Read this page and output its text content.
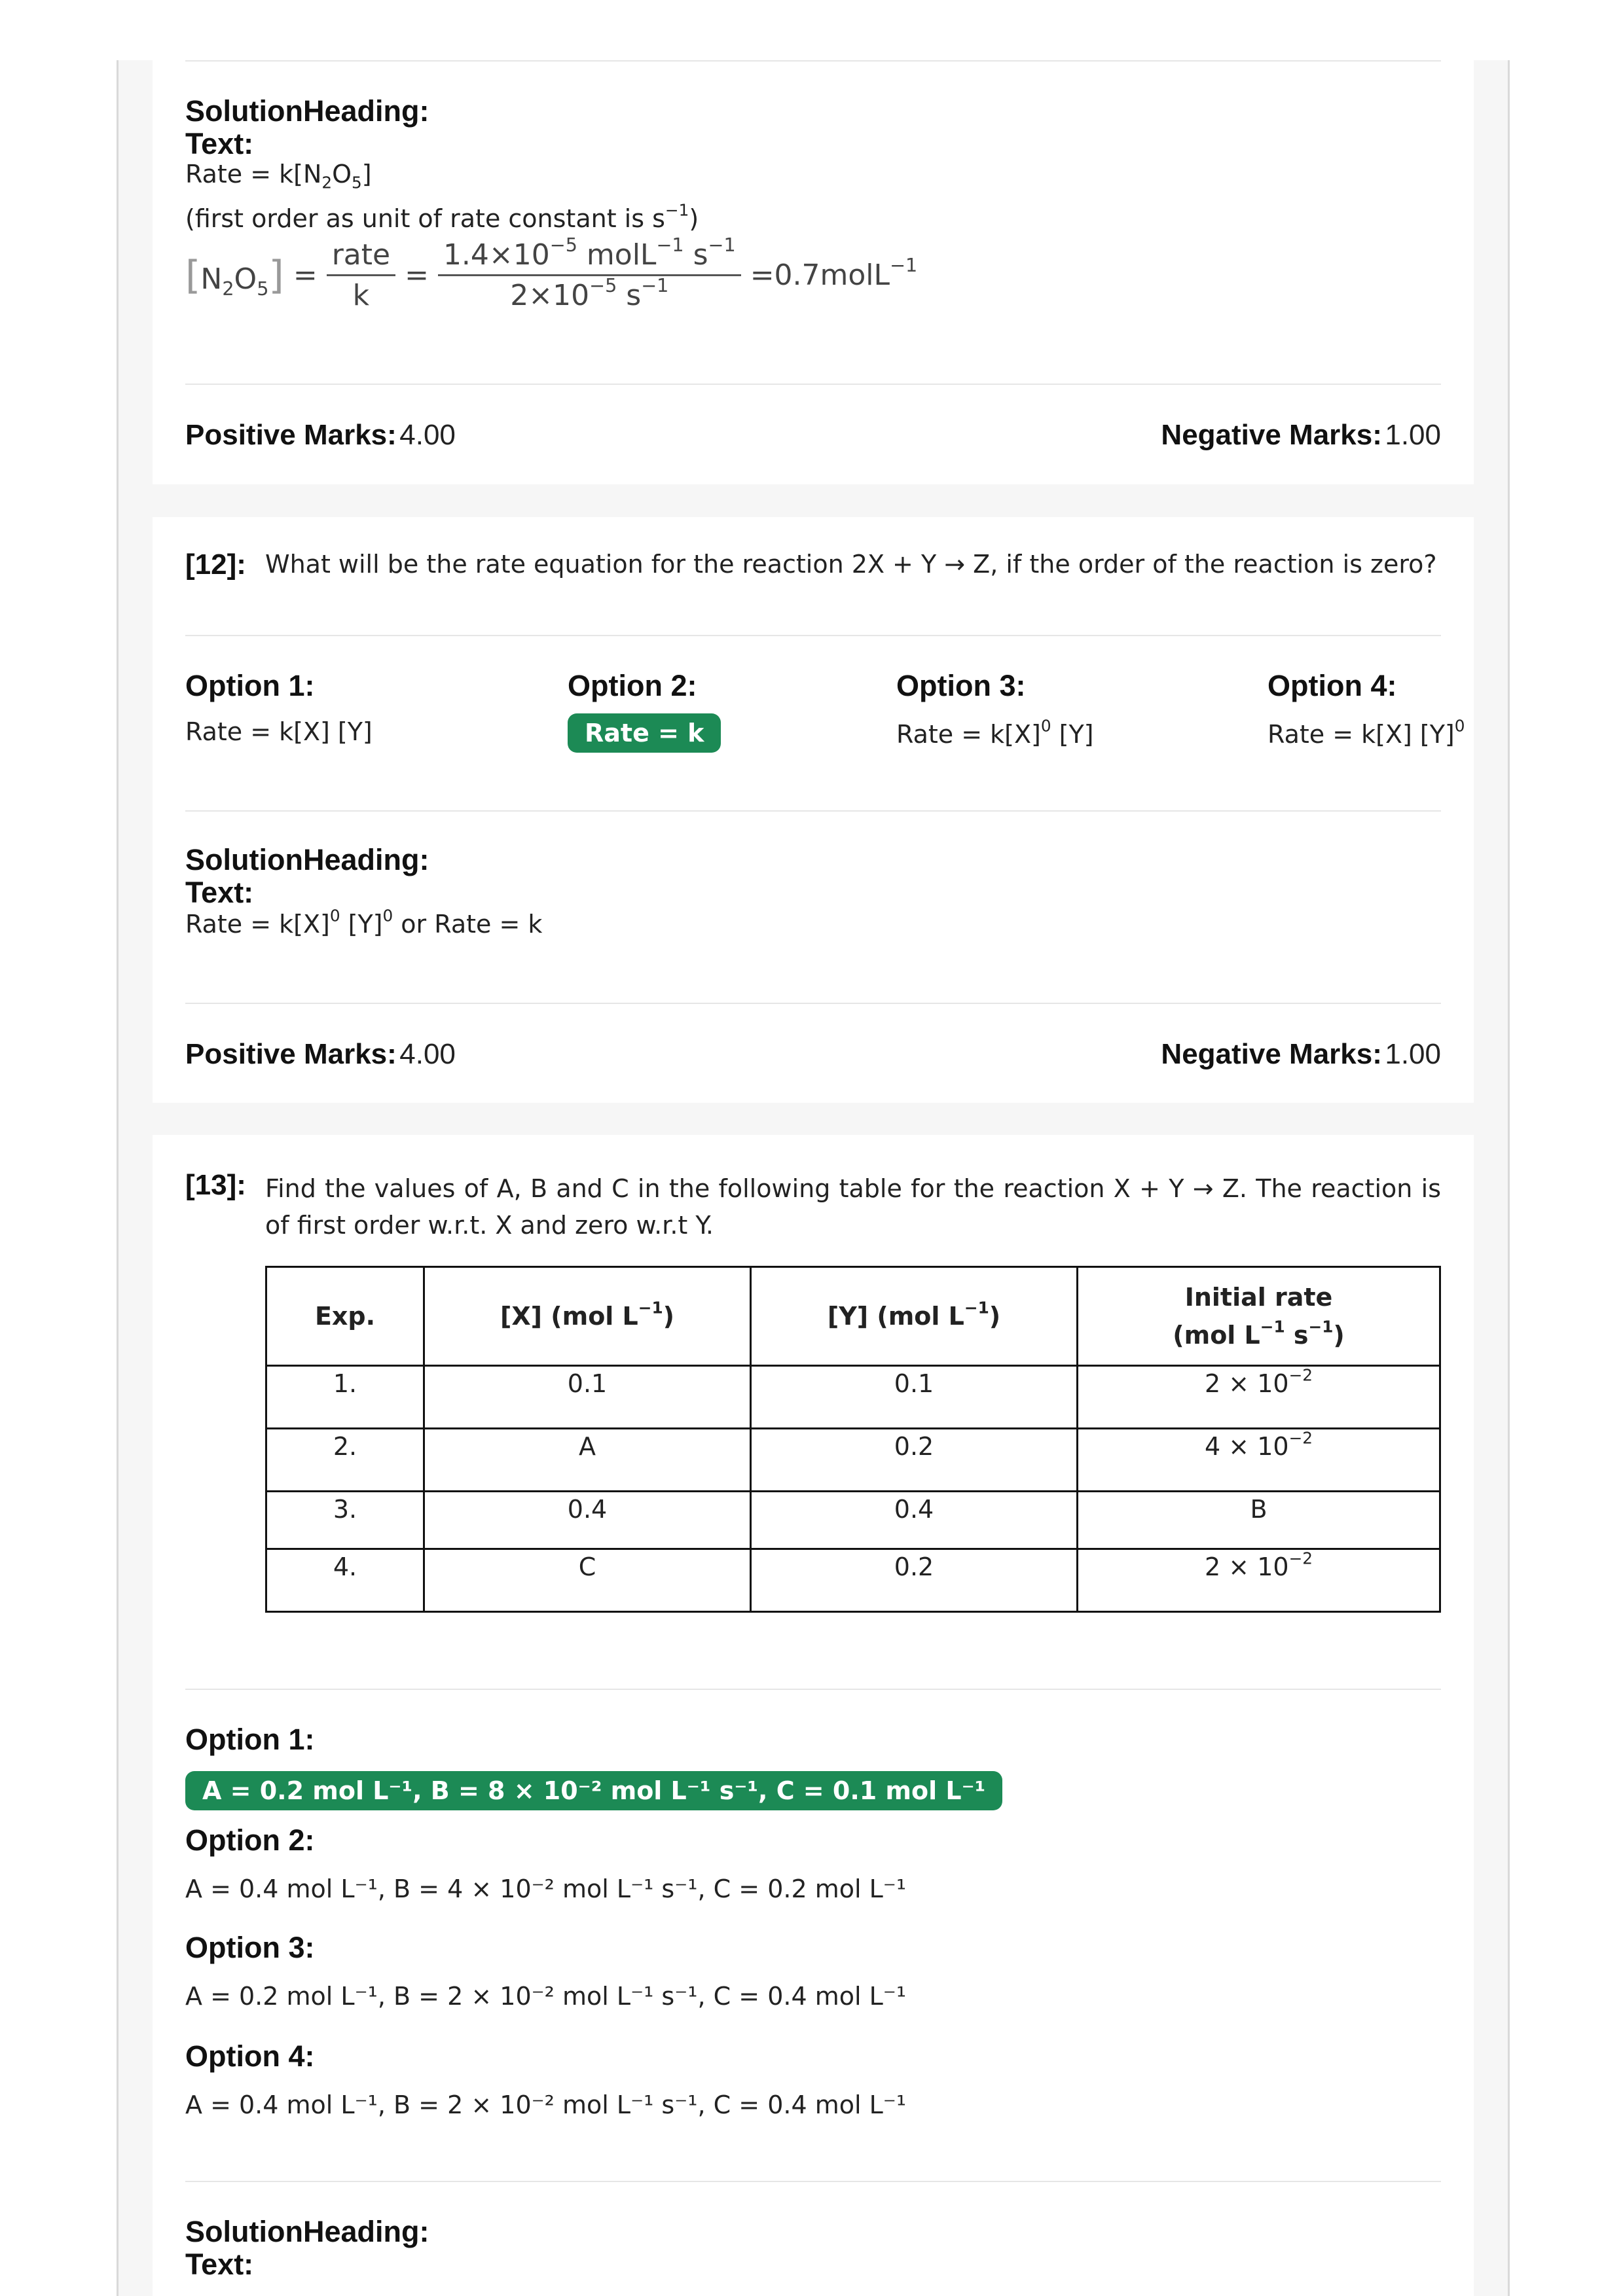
SolutionHeading:
Text:
Rate = $k[N_2O_5]$
(first order as unit of rate constant is $s^{-1}$)
$[N_2O_5] = \frac{\text{rate}}{k} = \frac{1.4\times 10^{-5} molL^{-1} s^{-1}}{2\times 10^{-5} s^{-1}}$ =0.7molL$^{-1}$
Positive Marks: 4.00	Negative Marks: 1.00
[12]: What will be the rate equation for the reaction 2X + Y → Z, if the order of the reaction is zero?
Option 1:
Rate = k[X] [Y]
Option 2:
Rate = k
Option 3:
Rate = $k[X]^0$ [Y]
Option 4:
Rate = k[X] $[Y]^0$
SolutionHeading:
Text:
Rate = $k[X]^0$ $[Y]^0$ or Rate = k
Positive Marks: 4.00	Negative Marks: 1.00
[13]: Find the values of A, B and C in the following table for the reaction X + Y → Z. The reaction is of first order w.r.t. X and zero w.r.t Y.
Exp.	[X] (mol $L^{-1}$)	[Y] (mol $L^{-1}$)	Initial rate
(mol $L^{-1}$ $s^{-1}$)

1.	0.1	0.1	$2 \times 10^{-2}$
2.	A	0.2	$4 \times 10^{-2}$
3.	0.4	0.4	B
4.	C	0.2	$2 \times 10^{-2}$
Option 1:
A = 0.2 mol L⁻¹, B = 8 × 10⁻² mol L⁻¹ s⁻¹, C = 0.1 mol L⁻¹
Option 2:
A = 0.4 mol L⁻¹, B = 4 × 10⁻² mol L⁻¹ s⁻¹, C = 0.2 mol L⁻¹
Option 3:
A = 0.2 mol L⁻¹, B = 2 × 10⁻² mol L⁻¹ s⁻¹, C = 0.4 mol L⁻¹
Option 4:
A = 0.4 mol L⁻¹, B = 2 × 10⁻² mol L⁻¹ s⁻¹, C = 0.4 mol L⁻¹
SolutionHeading:
Text:
